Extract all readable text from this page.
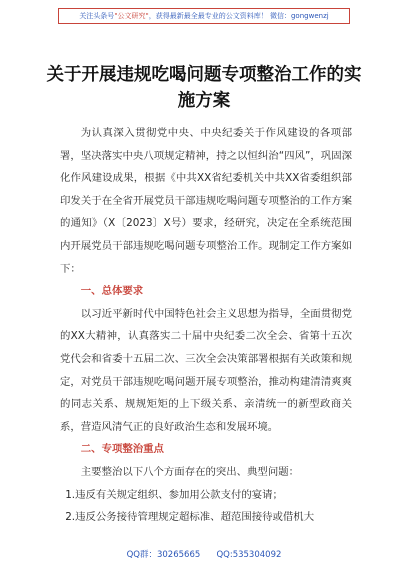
关注头条号"公文研究"，获得最新最全最专业的公文资料库！ 微信：gongwenzj
关于开展违规吃喝问题专项整治工作的实施方案

为认真深入贯彻党中央、中央纪委关于作风建设的各项部署，坚决落实中央八项规定精神，持之以恒纠治“四风”，巩固深化作风建设成果，根据《中共XX省纪委机关中共XX省委组织部印发关于在全省开展党员干部违规吃喝问题专项整治的工作方案的通知》（X〔2023〕X号）要求，经研究，决定在全系统范围内开展党员干部违规吃喝问题专项整治工作。现制定工作方案如下：

一、总体要求

以习近平新时代中国特色社会主义思想为指导，全面贯彻党的XX大精神，认真落实二十届中央纪委二次全会、省第十五次党代会和省委十五届二次、三次全会决策部署根据有关政策和规定，对党员干部违规吃喝问题开展专项整治，推动构建清清爽爽的同志关系、规规矩矩的上下级关系、亲清统一的新型政商关系，营造风清气正的良好政治生态和发展环境。

二、专项整治重点

主要整治以下八个方面存在的突出、典型问题：

1.违反有关规定组织、参加用公款支付的宴请；

2.违反公务接待管理规定超标准、超范围接待或借机大

QQ群：30265665      QQ:535304092
